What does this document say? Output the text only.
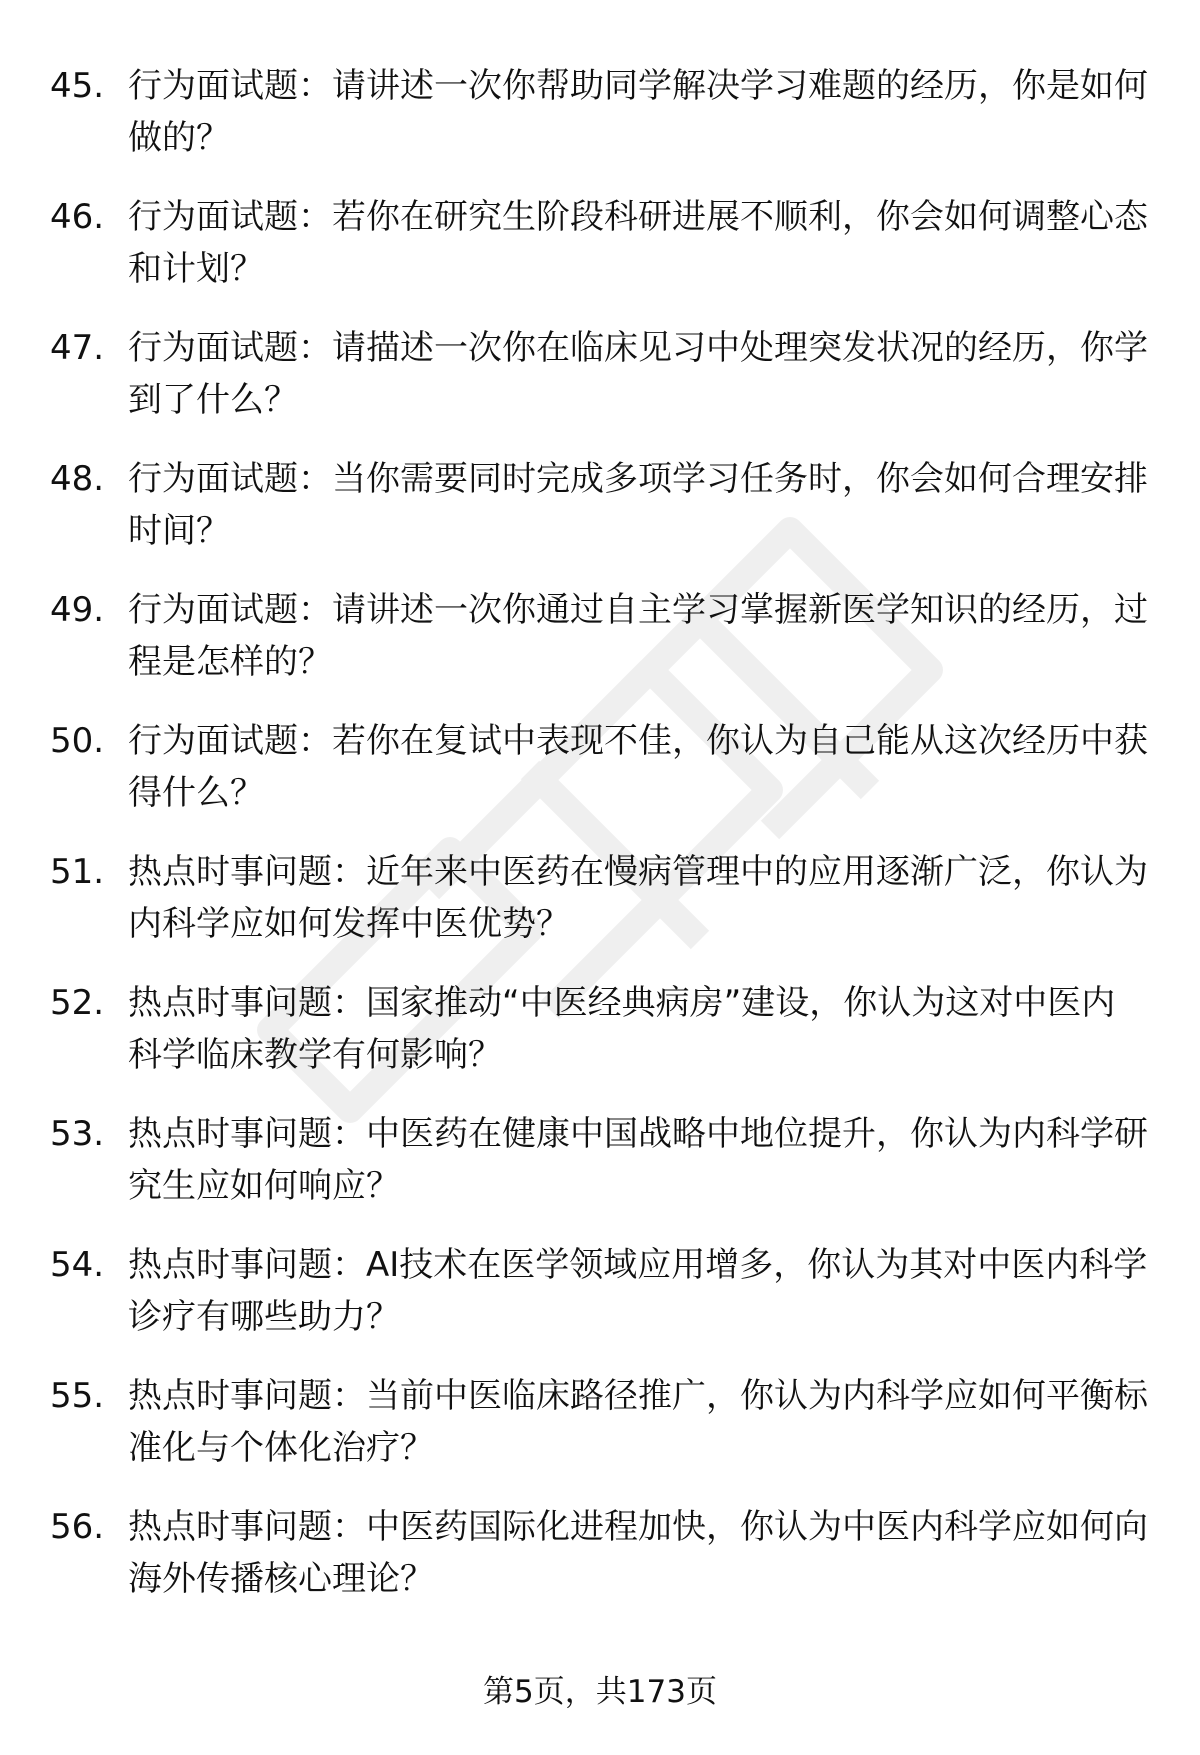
45. 行为面试题：请讲述一次你帮助同学解决学习难题的经历，你是如何做的？
46. 行为面试题：若你在研究生阶段科研进展不顺利，你会如何调整心态和计划？
47. 行为面试题：请描述一次你在临床见习中处理突发状况的经历，你学到了什么？
48. 行为面试题：当你需要同时完成多项学习任务时，你会如何合理安排时间？
49. 行为面试题：请讲述一次你通过自主学习掌握新医学知识的经历，过程是怎样的？
50. 行为面试题：若你在复试中表现不佳，你认为自己能从这次经历中获得什么？
51. 热点时事问题：近年来中医药在慢病管理中的应用逐渐广泛，你认为内科学应如何发挥中医优势？
52. 热点时事问题：国家推动“中医经典病房”建设，你认为这对中医内科学临床教学有何影响？
53. 热点时事问题：中医药在健康中国战略中地位提升，你认为内科学研究生应如何响应？
54. 热点时事问题：AI技术在医学领域应用增多，你认为其对中医内科学诊疗有哪些助力？
55. 热点时事问题：当前中医临床路径推广，你认为内科学应如何平衡标准化与个体化治疗？
56. 热点时事问题：中医药国际化进程加快，你认为中医内科学应如何向海外传播核心理论？
第5页，共173页
